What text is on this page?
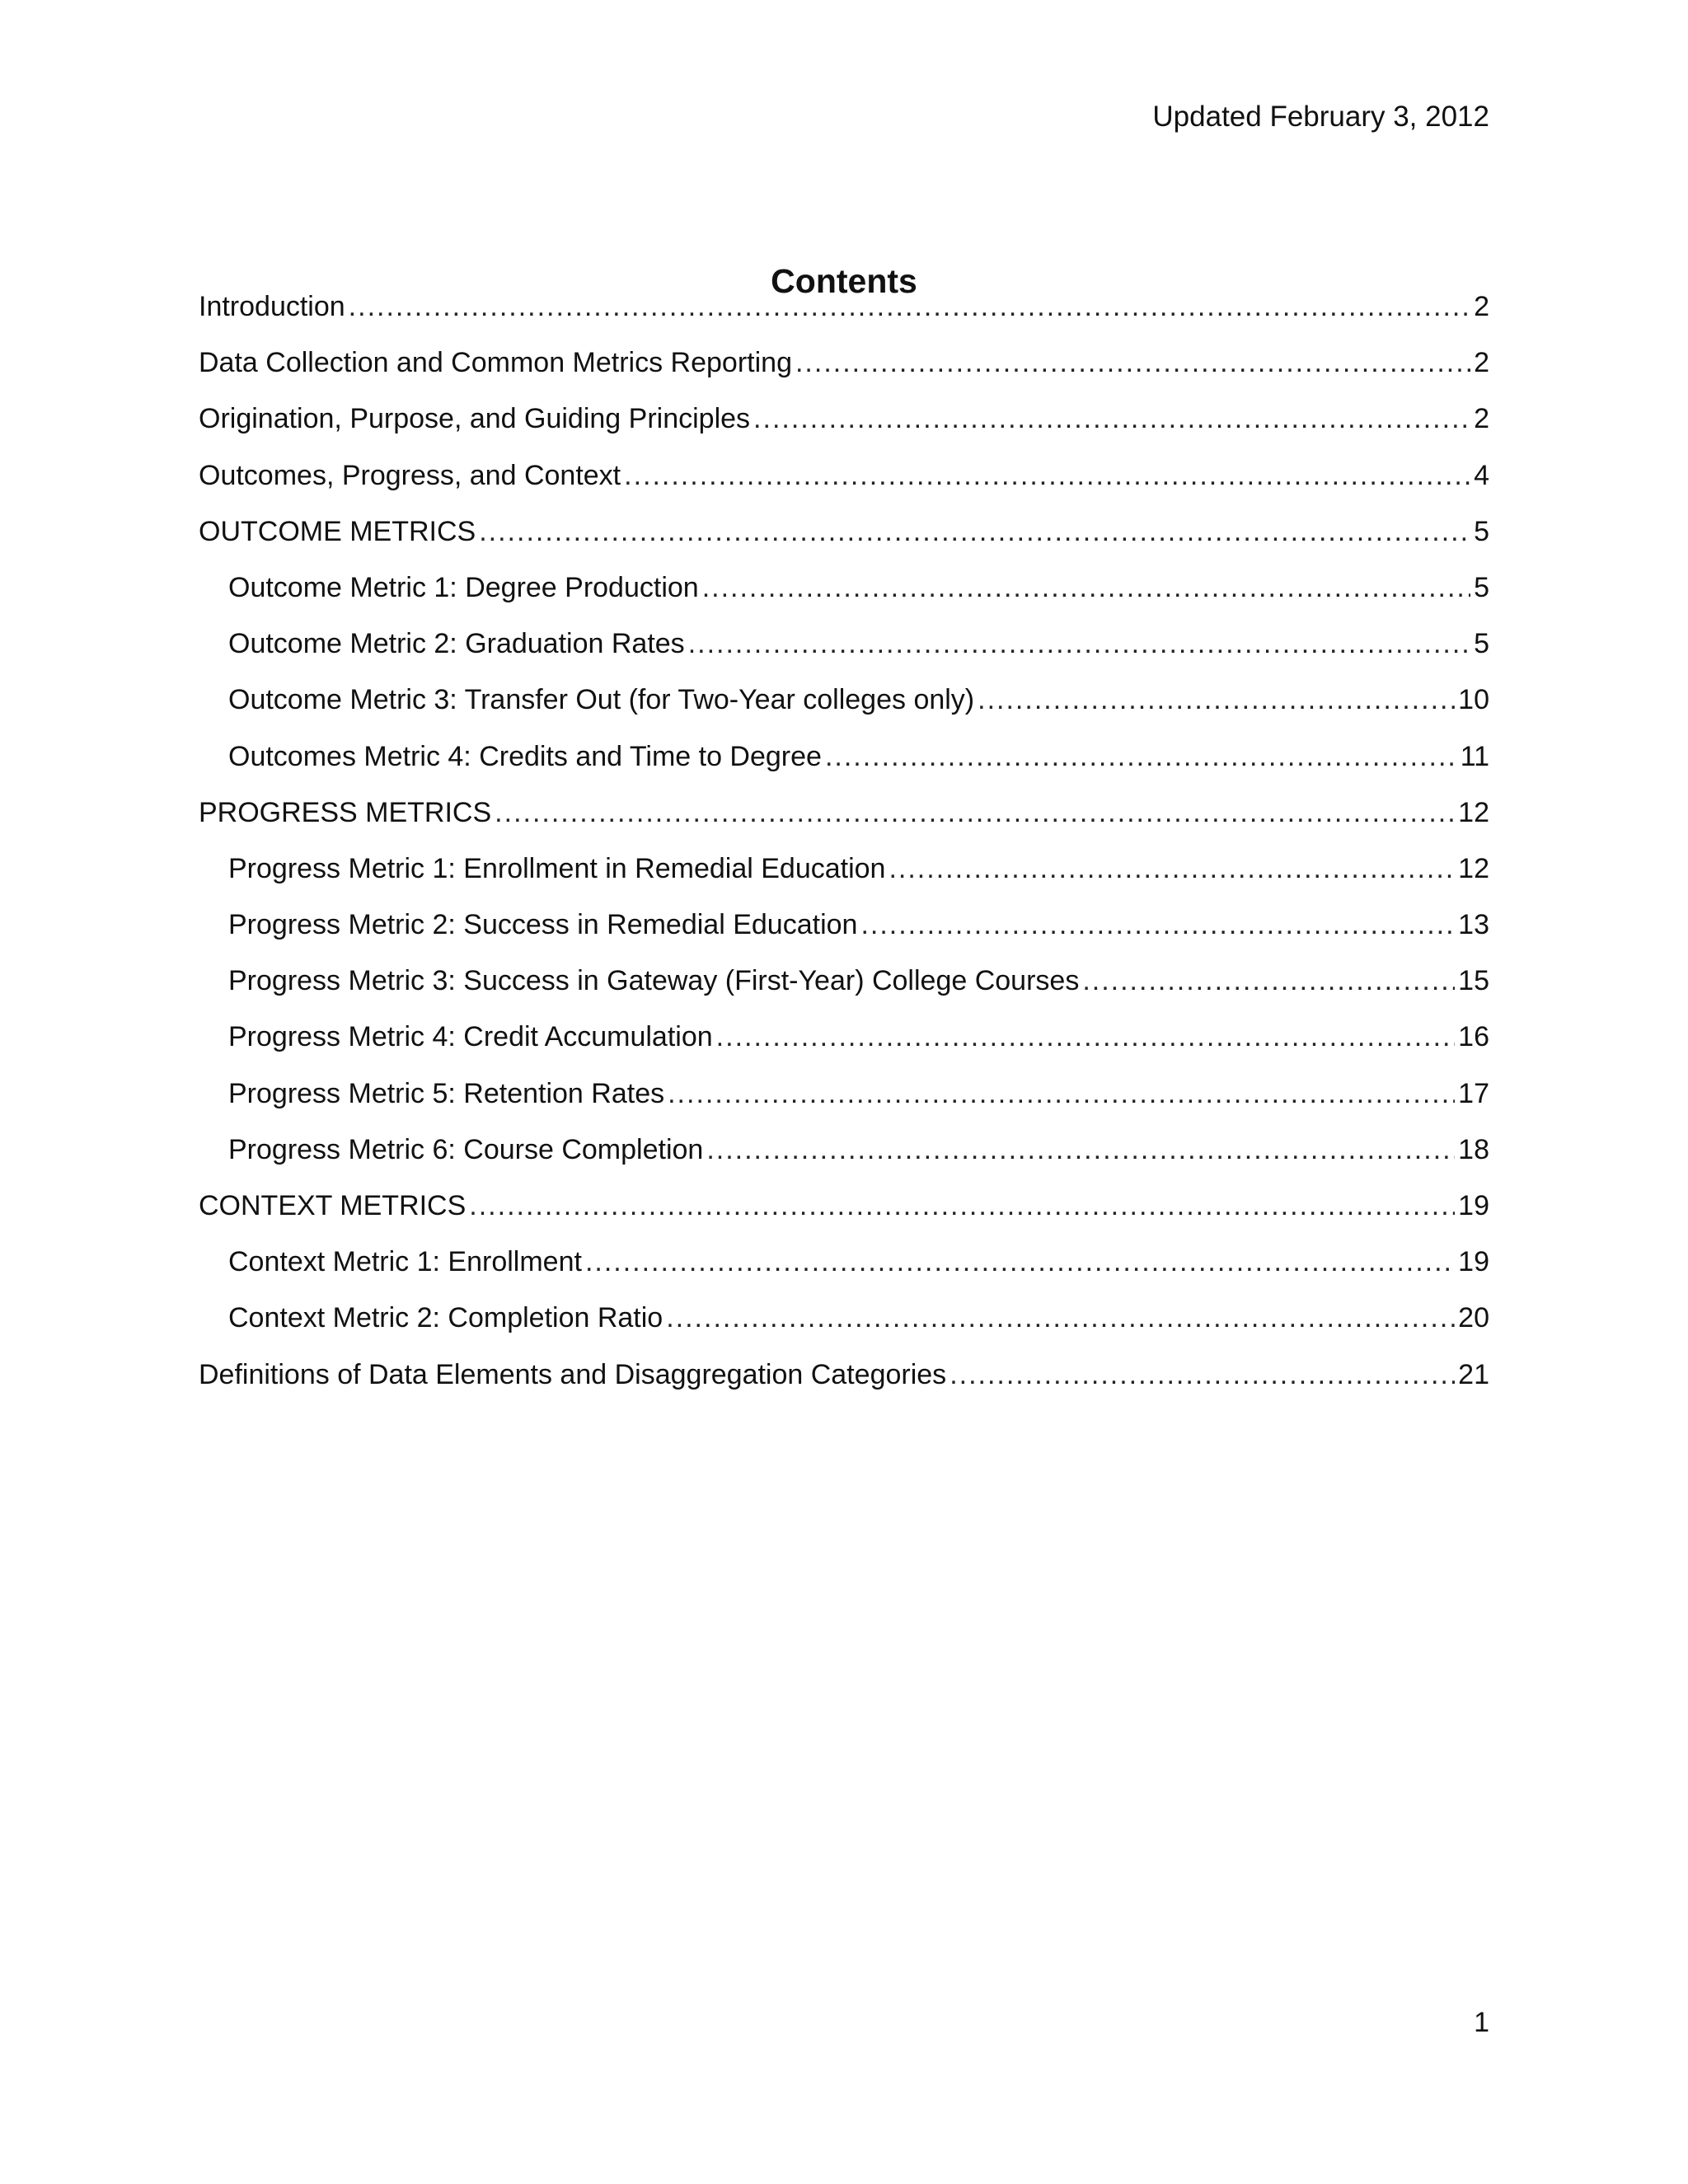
Updated February 3, 2012
Contents
Introduction .....	2
Data Collection and Common Metrics Reporting .....	2
Origination, Purpose, and Guiding Principles .....	2
Outcomes, Progress, and Context .....	4
OUTCOME METRICS .....	5
Outcome Metric 1: Degree Production .....	5
Outcome Metric 2: Graduation Rates .....	5
Outcome Metric 3: Transfer Out (for Two-Year colleges only) .....	10
Outcomes Metric 4: Credits and Time to Degree .....	11
PROGRESS METRICS .....	12
Progress Metric 1: Enrollment in Remedial Education .....	12
Progress Metric 2: Success in Remedial Education .....	13
Progress Metric 3: Success in Gateway (First-Year) College Courses .....	15
Progress Metric 4: Credit Accumulation .....	16
Progress Metric 5: Retention Rates .....	17
Progress Metric 6: Course Completion .....	18
CONTEXT METRICS .....	19
Context Metric 1: Enrollment .....	19
Context Metric 2: Completion Ratio .....	20
Definitions of Data Elements and Disaggregation Categories .....	21
1
